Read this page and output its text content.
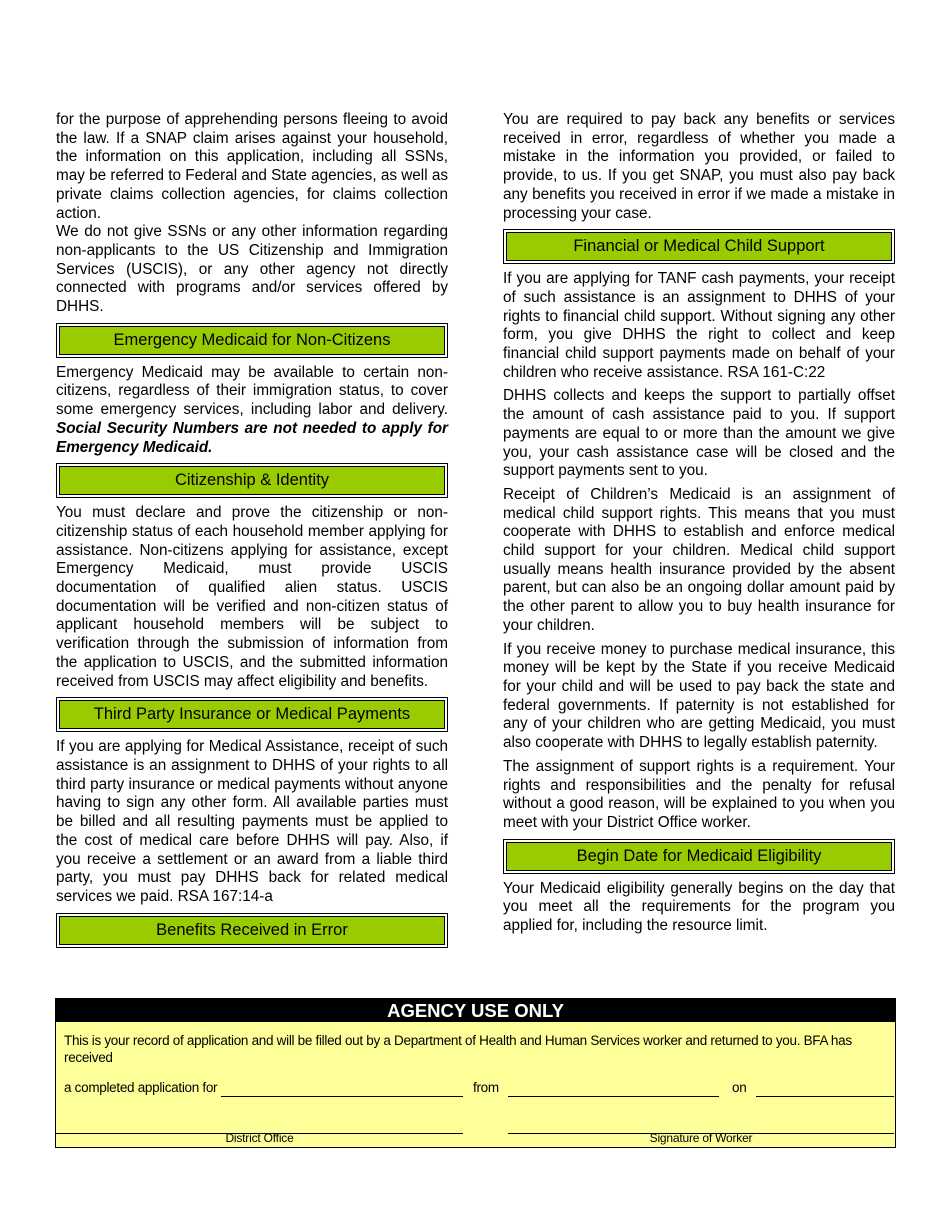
for the purpose of apprehending persons fleeing to avoid the law. If a SNAP claim arises against your household, the information on this application, including all SSNs, may be referred to Federal and State agencies, as well as private claims collection agencies, for claims collection action.

We do not give SSNs or any other information regarding non-applicants to the US Citizenship and Immigration Services (USCIS), or any other agency not directly connected with programs and/or services offered by DHHS.

Emergency Medicaid for Non-Citizens

Emergency Medicaid may be available to certain non-citizens, regardless of their immigration status, to cover some emergency services, including labor and delivery. Social Security Numbers are not needed to apply for Emergency Medicaid.

Citizenship & Identity

You must declare and prove the citizenship or non-citizenship status of each household member applying for assistance. Non-citizens applying for assistance, except Emergency Medicaid, must provide USCIS documentation of qualified alien status. USCIS documentation will be verified and non-citizen status of applicant household members will be subject to verification through the submission of information from the application to USCIS, and the submitted information received from USCIS may affect eligibility and benefits.

Third Party Insurance or Medical Payments

If you are applying for Medical Assistance, receipt of such assistance is an assignment to DHHS of your rights to all third party insurance or medical payments without anyone having to sign any other form. All available parties must be billed and all resulting payments must be applied to the cost of medical care before DHHS will pay. Also, if you receive a settlement or an award from a liable third party, you must pay DHHS back for related medical services we paid. RSA 167:14-a

Benefits Received in Error

You are required to pay back any benefits or services received in error, regardless of whether you made a mistake in the information you provided, or failed to provide, to us. If you get SNAP, you must also pay back any benefits you received in error if we made a mistake in processing your case.

Financial or Medical Child Support

If you are applying for TANF cash payments, your receipt of such assistance is an assignment to DHHS of your rights to financial child support. Without signing any other form, you give DHHS the right to collect and keep financial child support payments made on behalf of your children who receive assistance. RSA 161-C:22

DHHS collects and keeps the support to partially offset the amount of cash assistance paid to you. If support payments are equal to or more than the amount we give you, your cash assistance case will be closed and the support payments sent to you.

Receipt of Children’s Medicaid is an assignment of medical child support rights. This means that you must cooperate with DHHS to establish and enforce medical child support for your children. Medical child support usually means health insurance provided by the absent parent, but can also be an ongoing dollar amount paid by the other parent to allow you to buy health insurance for your children.

If you receive money to purchase medical insurance, this money will be kept by the State if you receive Medicaid for your child and will be used to pay back the state and federal governments. If paternity is not established for any of your children who are getting Medicaid, you must also cooperate with DHHS to legally establish paternity.

The assignment of support rights is a requirement. Your rights and responsibilities and the penalty for refusal without a good reason, will be explained to you when you meet with your District Office worker.

Begin Date for Medicaid Eligibility

Your Medicaid eligibility generally begins on the day that you meet all the requirements for the program you applied for, including the resource limit.

AGENCY USE ONLY
This is your record of application and will be filled out by a Department of Health and Human Services worker and returned to you. BFA has received
a completed application for	from	on
District Office	Signature of Worker
